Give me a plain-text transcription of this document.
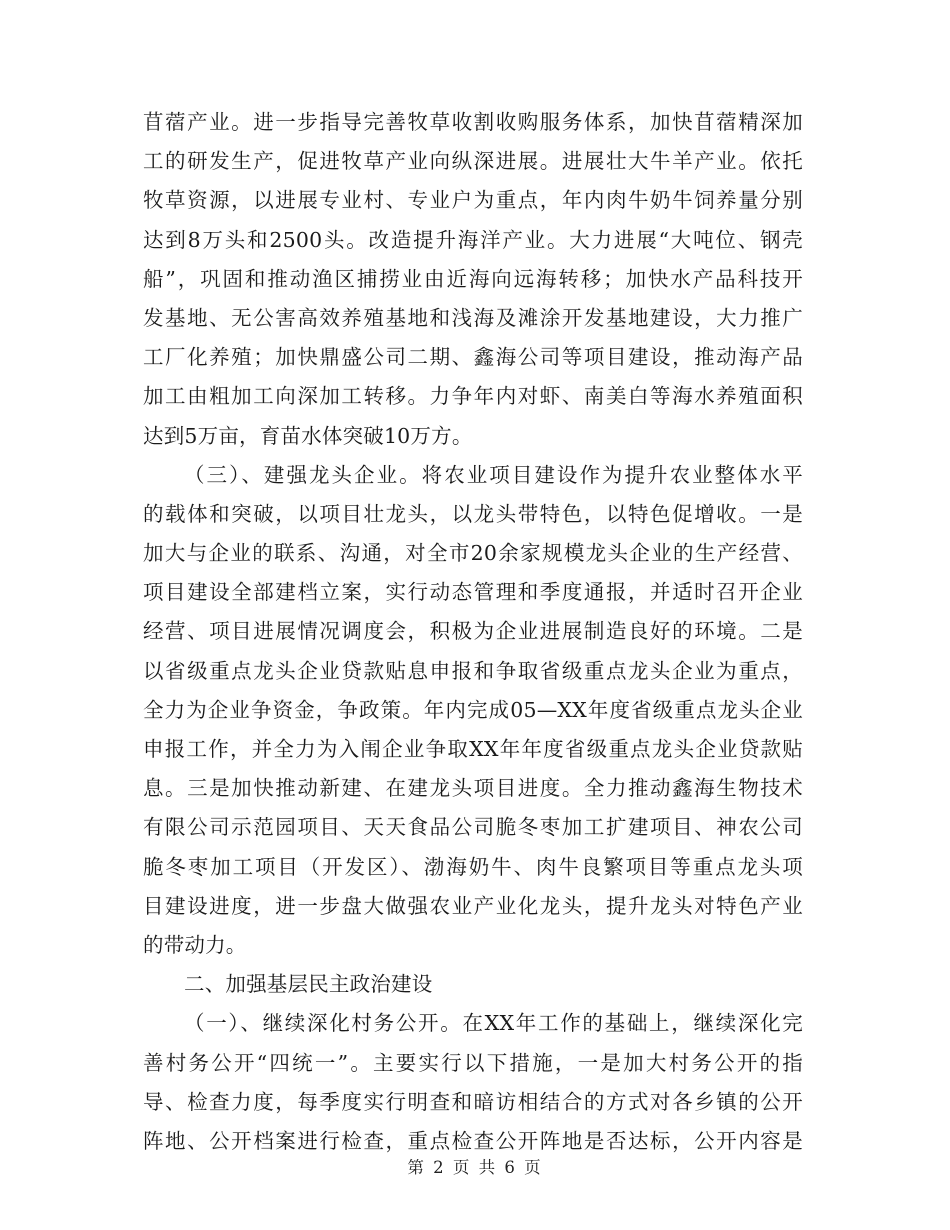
苜蓿产业。进一步指导完善牧草收割收购服务体系，加快苜蓿精深加
工的研发生产，促进牧草产业向纵深进展。进展壮大牛羊产业。依托
牧草资源，以进展专业村、专业户为重点，年内肉牛奶牛饲养量分别
达到8万头和2500头。改造提升海洋产业。大力进展“大吨位、钢壳
船”，巩固和推动渔区捕捞业由近海向远海转移；加快水产品科技开
发基地、无公害高效养殖基地和浅海及滩涂开发基地建设，大力推广
工厂化养殖；加快鼎盛公司二期、鑫海公司等项目建设，推动海产品
加工由粗加工向深加工转移。力争年内对虾、南美白等海水养殖面积
达到5万亩，育苗水体突破10万方。
（三）、建强龙头企业。将农业项目建设作为提升农业整体水平
的载体和突破，以项目壮龙头，以龙头带特色，以特色促增收。一是
加大与企业的联系、沟通，对全市20余家规模龙头企业的生产经营、
项目建设全部建档立案，实行动态管理和季度通报，并适时召开企业
经营、项目进展情况调度会，积极为企业进展制造良好的环境。二是
以省级重点龙头企业贷款贴息申报和争取省级重点龙头企业为重点，
全力为企业争资金，争政策。年内完成05—XX年度省级重点龙头企业
申报工作，并全力为入闱企业争取XX年年度省级重点龙头企业贷款贴
息。三是加快推动新建、在建龙头项目进度。全力推动鑫海生物技术
有限公司示范园项目、天天食品公司脆冬枣加工扩建项目、神农公司
脆冬枣加工项目（开发区）、渤海奶牛、肉牛良繁项目等重点龙头项
目建设进度，进一步盘大做强农业产业化龙头，提升龙头对特色产业
的带动力。
二、加强基层民主政治建设
（一）、继续深化村务公开。在XX年工作的基础上，继续深化完
善村务公开“四统一”。主要实行以下措施，一是加大村务公开的指
导、检查力度，每季度实行明查和暗访相结合的方式对各乡镇的公开
阵地、公开档案进行检查，重点检查公开阵地是否达标，公开内容是
第 2 页 共 6 页
